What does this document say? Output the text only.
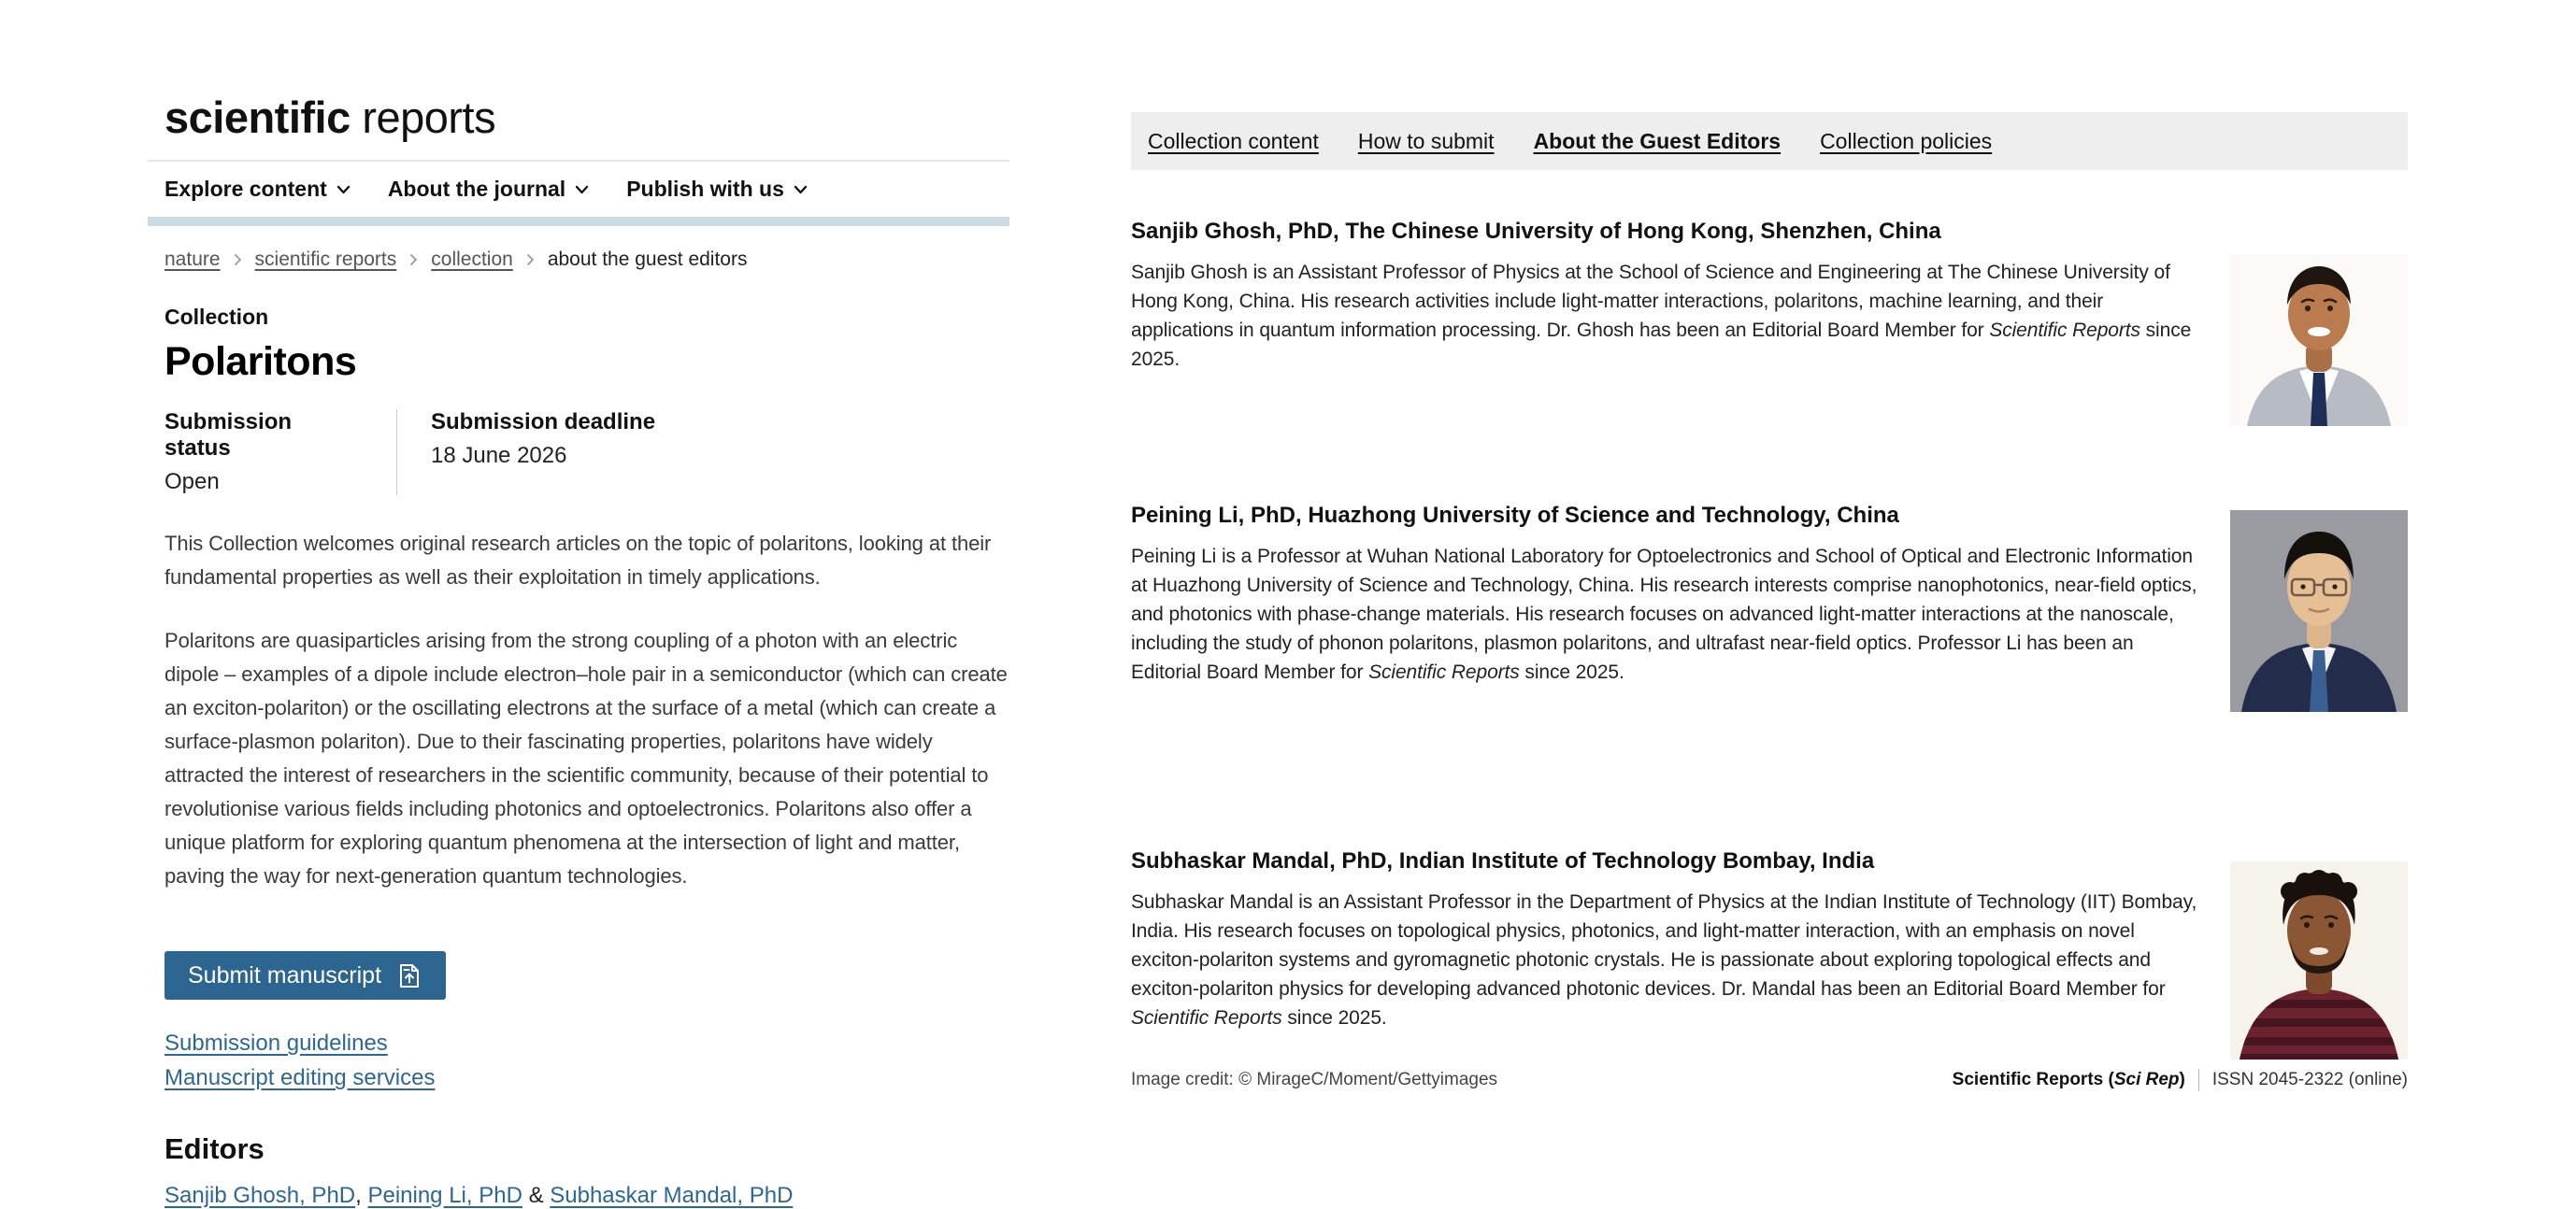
scientific reports
Explore content	About the journal	Publish with us
nature scientific reports collection about the guest editors
Collection
Polaritons
Submission status
Open
Submission deadline
18 June 2026

This Collection welcomes original research articles on the topic of polaritons, looking at their fundamental properties as well as their exploitation in timely applications.

Polaritons are quasiparticles arising from the strong coupling of a photon with an electric dipole – examples of a dipole include electron–hole pair in a semiconductor (which can create an exciton-polariton) or the oscillating electrons at the surface of a metal (which can create a surface-plasmon polariton). Due to their fascinating properties, polaritons have widely attracted the interest of researchers in the scientific community, because of their potential to revolutionise various fields including photonics and optoelectronics. Polaritons also offer a unique platform for exploring quantum phenomena at the intersection of light and matter, paving the way for next-generation quantum technologies.

Submit manuscript
Submission guidelines
Manuscript editing services
Editors
Sanjib Ghosh, PhD, Peining Li, PhD & Subhaskar Mandal, PhD
Collection content How to submit About the Guest Editors Collection policies
Sanjib Ghosh, PhD, The Chinese University of Hong Kong, Shenzhen, China

Sanjib Ghosh is an Assistant Professor of Physics at the School of Science and Engineering at The Chinese University of Hong Kong, China. His research activities include light-matter interactions, polaritons, machine learning, and their applications in quantum information processing. Dr. Ghosh has been an Editorial Board Member for Scientific Reports since 2025.

Peining Li, PhD, Huazhong University of Science and Technology, China

Peining Li is a Professor at Wuhan National Laboratory for Optoelectronics and School of Optical and Electronic Information at Huazhong University of Science and Technology, China. His research interests comprise nanophotonics, near-field optics, and photonics with phase-change materials. His research focuses on advanced light-matter interactions at the nanoscale, including the study of phonon polaritons, plasmon polaritons, and ultrafast near-field optics. Professor Li has been an Editorial Board Member for Scientific Reports since 2025.

Subhaskar Mandal, PhD, Indian Institute of Technology Bombay, India

Subhaskar Mandal is an Assistant Professor in the Department of Physics at the Indian Institute of Technology (IIT) Bombay, India. His research focuses on topological physics, photonics, and light-matter interaction, with an emphasis on novel exciton-polariton systems and gyromagnetic photonic crystals. He is passionate about exploring topological effects and exciton-polariton physics for developing advanced photonic devices. Dr. Mandal has been an Editorial Board Member for Scientific Reports since 2025.

Image credit: © MirageC/Moment/Gettyimages	Scientific Reports (Sci Rep) ISSN 2045-2322 (online)
